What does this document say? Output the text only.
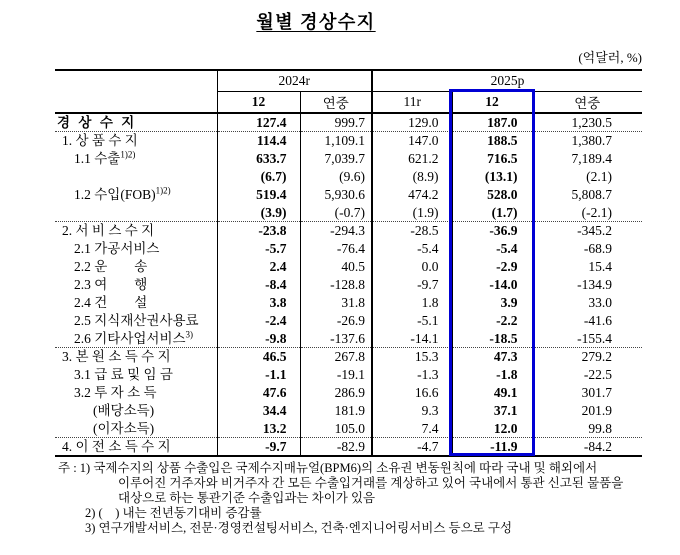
월별 경상수지
(억달러, %)
	2024r		2025p		
	12	연중	11r	12	연중
경 상 수 지	127.4	999.7	129.0	187.0	1,230.5
1. 상 품 수 지	114.4	1,109.1	147.0	188.5	1,380.7
1.1 수출$^{1)2)}$	633.7	7,039.7	621.2	716.5	7,189.4
	(6.7)	(9.6)	(8.9)	(13.1)	(2.1)
1.2 수입(FOB)$^{1)2)}$	519.4	5,930.6	474.2	528.0	5,808.7
	(3.9)	(-0.7)	(1.9)	(1.7)	(-2.1)
2. 서 비 스 수 지	-23.8	-294.3	-28.5	-36.9	-345.2
2.1 가공서비스	-5.7	-76.4	-5.4	-5.4	-68.9
2.2 운　　송	2.4	40.5	0.0	-2.9	15.4
2.3 여　　행	-8.4	-128.8	-9.7	-14.0	-134.9
2.4 건　　설	3.8	31.8	1.8	3.9	33.0
2.5 지식재산권사용료	-2.4	-26.9	-5.1	-2.2	-41.6
2.6 기타사업서비스$^{3)}$	-9.8	-137.6	-14.1	-18.5	-155.4
3. 본 원 소 득 수 지	46.5	267.8	15.3	47.3	279.2
3.1 급 료 및 임 금	-1.1	-19.1	-1.3	-1.8	-22.5
3.2 투 자 소 득	47.6	286.9	16.6	49.1	301.7
(배당소득)	34.4	181.9	9.3	37.1	201.9
(이자소득)	13.2	105.0	7.4	12.0	99.8
4. 이 전 소 득 수 지	-9.7	-82.9	-4.7	-11.9	-84.2
주 : 1) 국제수지의 상품 수출입은 국제수지매뉴얼(BPM6)의 소유권 변동원칙에 따라 국내 및 해외에서
이루어진 거주자와 비거주자 간 모든 수출입거래를 계상하고 있어 국내에서 통관 신고된 물품을
대상으로 하는 통관기준 수출입과는 차이가 있음
2) (　) 내는 전년동기대비 증감률
3) 연구개발서비스, 전문·경영컨설팅서비스, 건축·엔지니어링서비스 등으로 구성
